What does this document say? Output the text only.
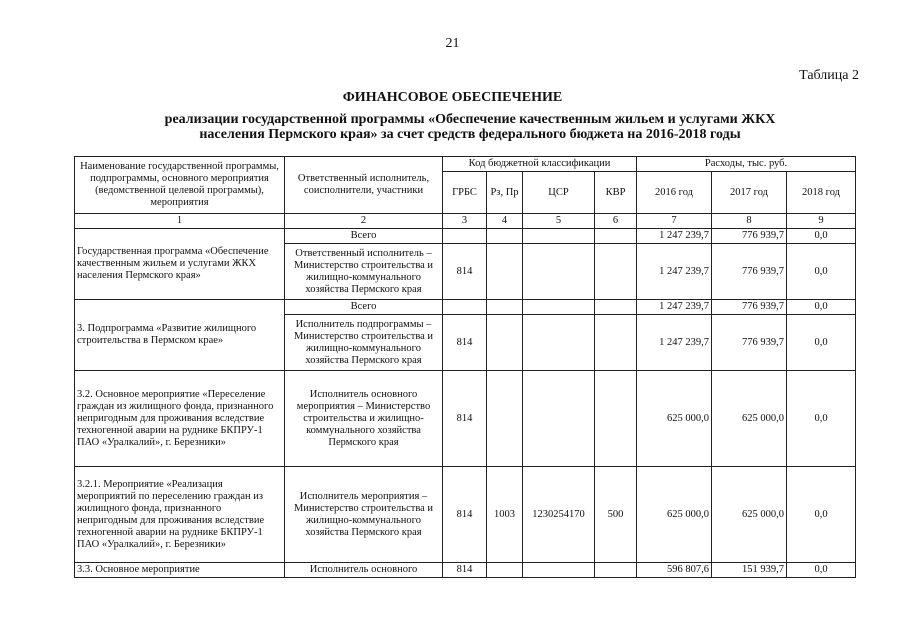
21
Таблица 2
ФИНАНСОВОЕ ОБЕСПЕЧЕНИЕ
реализации государственной программы «Обеспечение качественным жильем и услугами ЖКХ
населения Пермского края» за счет средств федерального бюджета на 2016-2018 годы
Наименование государственной программы, подпрограммы, основного мероприятия (ведомственной целевой программы), мероприятия	Ответственный исполнитель, соисполнители, участники	Код бюджетной классификации				Расходы, тыс. руб.		
		ГРБС	Рз, Пр	ЦСР	КВР	2016 год	2017 год	2018 год
1	2	3	4	5	6	7	8	9
Государственная программа «Обеспечение качественным жильем и услугами ЖКХ населения Пермского края»	Всего					1 247 239,7	776 939,7	0,0
	Ответственный исполнитель – Министерство строительства и жилищно-коммунального хозяйства Пермского края	814				1 247 239,7	776 939,7	0,0
3. Подпрограмма «Развитие жилищного строительства в Пермском крае»	Всего					1 247 239,7	776 939,7	0,0
	Исполнитель подпрограммы – Министерство строительства и жилищно-коммунального хозяйства Пермского края	814				1 247 239,7	776 939,7	0,0
3.2. Основное мероприятие «Переселение граждан из жилищного фонда, признанного непригодным для проживания вследствие техногенной аварии на руднике БКПРУ-1 ПАО «Уралкалий», г. Березники»	Исполнитель основного мероприятия – Министерство строительства и жилищно-коммунального хозяйства Пермского края	814				625 000,0	625 000,0	0,0
3.2.1. Мероприятие «Реализация мероприятий по переселению граждан из жилищного фонда, признанного непригодным для проживания вследствие техногенной аварии на руднике БКПРУ-1 ПАО «Уралкалий», г. Березники»	Исполнитель мероприятия – Министерство строительства и жилищно-коммунального хозяйства Пермского края	814	1003	1230254170	500	625 000,0	625 000,0	0,0
3.3. Основное мероприятие	Исполнитель основного	814				596 807,6	151 939,7	0,0
